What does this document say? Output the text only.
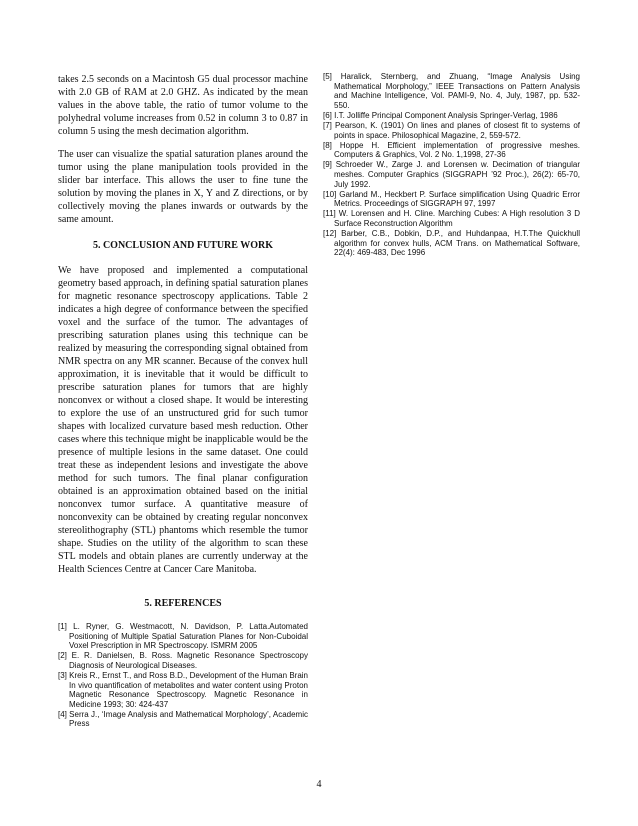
takes 2.5 seconds on a Macintosh G5 dual processor machine with 2.0 GB of RAM at 2.0 GHZ. As indicated by the mean values in the above table, the ratio of tumor volume to the polyhedral volume increases from 0.52 in column 3 to 0.87 in column 5 using the mesh decimation algorithm.

The user can visualize the spatial saturation planes around the tumor using the plane manipulation tools provided in the slider bar interface. This allows the user to fine tune the solution by moving the planes in X, Y and Z directions, or by collectively moving the planes inwards or outwards by the same amount.

5. CONCLUSION AND FUTURE WORK

We have proposed and implemented a computational geometry based approach, in defining spatial saturation planes for magnetic resonance spectroscopy applications. Table 2 indicates a high degree of conformance between the specified voxel and the surface of the tumor. The advantages of prescribing saturation planes using this technique can be realized by measuring the corresponding signal obtained from NMR spectra on any MR scanner. Because of the convex hull approximation, it is inevitable that it would be difficult to prescribe saturation planes for tumors that are highly nonconvex or without a closed shape. It would be interesting to explore the use of an unstructured grid for such tumor shapes with localized curvature based mesh reduction. Other cases where this technique might be inapplicable would be the presence of multiple lesions in the same dataset. One could treat these as independent lesions and investigate the above method for such tumors. The final planar configuration obtained is an approximation obtained based on the initial nonconvex tumor surface. A quantitative measure of nonconvexity can be obtained by creating regular nonconvex stereolithography (STL) phantoms which resemble the tumor shape. Studies on the utility of the algorithm to scan these STL models and obtain planes are currently underway at the Health Sciences Centre at Cancer Care Manitoba.

5. REFERENCES

[1] L. Ryner, G. Westmacott, N. Davidson, P. Latta.Automated Positioning of Multiple Spatial Saturation Planes for Non-Cuboidal Voxel Prescription in MR Spectroscopy. ISMRM 2005

[2] E. R. Danielsen, B. Ross. Magnetic Resonance Spectroscopy Diagnosis of Neurological Diseases.

[3] Kreis R., Ernst T., and Ross B.D., Development of the Human Brain In vivo quantification of metabolites and water content using Proton Magnetic Resonance Spectroscopy. Magnetic Resonance in Medicine 1993; 30: 424-437

[4] Serra J., ‘Image Analysis and Mathematical Morphology’, Academic Press

[5] Haralick, Sternberg, and Zhuang, “Image Analysis Using Mathematical Morphology,” IEEE Transactions on Pattern Analysis and Machine Intelligence, Vol. PAMI-9, No. 4, July, 1987, pp. 532-550.

[6] I.T. Jolliffe Principal Component Analysis Springer-Verlag, 1986

[7] Pearson, K. (1901) On lines and planes of closest fit to systems of points in space. Philosophical Magazine, 2, 559-572.

[8] Hoppe H. Efficient implementation of progressive meshes. Computers & Graphics, Vol. 2 No. 1,1998, 27-36

[9] Schroeder W., Zarge J. and Lorensen w. Decimation of triangular meshes. Computer Graphics (SIGGRAPH ’92 Proc.), 26(2): 65-70, July 1992.

[10] Garland M., Heckbert P. Surface simplification Using Quadric Error Metrics. Proceedings of SIGGRAPH 97, 1997

[11] W. Lorensen and H. Cline. Marching Cubes: A High resolution 3 D Surface Reconstruction Algorithm

[12] Barber, C.B., Dobkin, D.P., and Huhdanpaa, H.T.The Quickhull algorithm for convex hulls, ACM Trans. on Mathematical Software, 22(4): 469-483, Dec 1996

4
